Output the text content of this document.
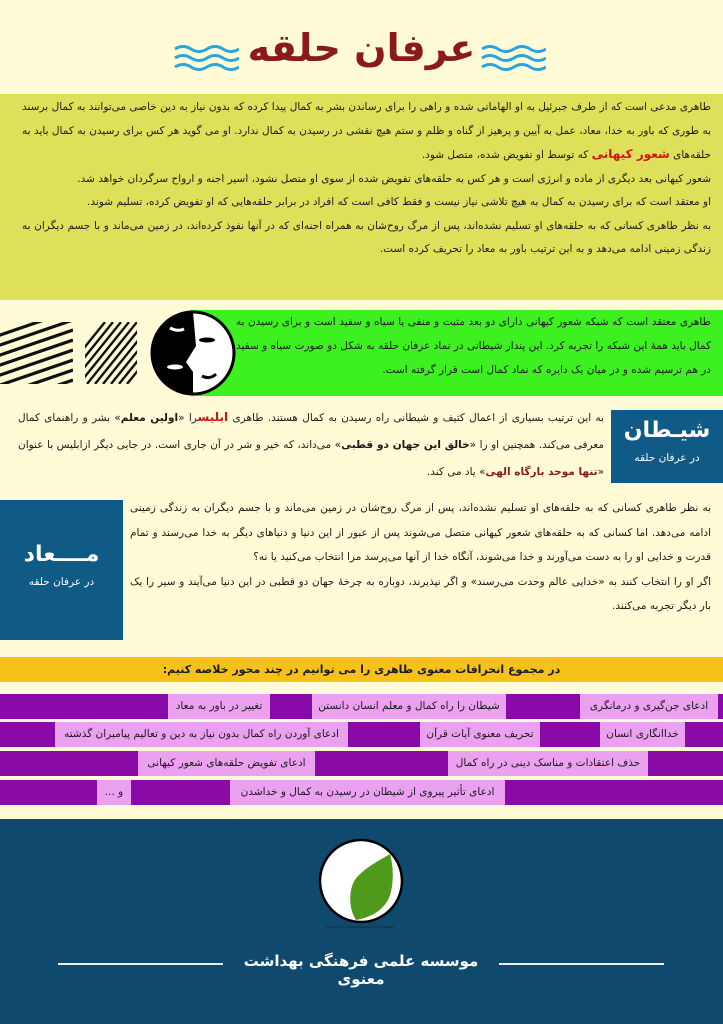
عرفان حلقه
طاهری مدعی است که از طرف جبرئیل به او الهاماتی شده و راهی را برای رساندن بشر به کمال پیدا کرده که بدون نیاز به دین خاصی می‌توانند به کمال برسند به طوری که باور به خدا، معاد، عمل به آیین و پرهیز از گناه و ظلم و ستم هیچ نقشی در رسیدن به کمال ندارد. او می گوید هر کس برای رسیدن به کمال باید به حلقه‌های شعور کیهانی که توسط او تفویض شده، متصل شود.
شعور کیهانی بعد دیگری از ماده و انرژی است و هر کس به حلقه‌های تفویض شده از سوی او متصل نشود، اسیر اجنه و ارواح سرگردان خواهد شد.
او معتقد است که برای رسیدن به کمال به هیچ تلاشی نیاز نیست و فقط کافی است که افراد در برابر حلقه‌هایی که او تفویض کرده، تسلیم شوند.
به نظر طاهری کسانی که به حلقه‌های او تسلیم نشده‌اند، پس از مرگ روح‌شان به همراه اجنه‌ای که در آنها نفوذ کرده‌اند، در زمین می‌ماند و با جسم دیگران به زندگی زمینی ادامه می‌دهد و به این ترتیب باور به معاد را تحریف کرده است.
طاهری معتقد است که شبکه شعور کیهانی دارای دو بعد مثبت و منفی یا سیاه و سفید است و برای رسیدن به کمال باید همهٔ این شبکه را تجربه کرد. این پندار شیطانی در نماد عرفان حلقه به شکل دو صورت سیاه و سفید در هم ترسیم شده و در میان یک دایره که نماد کمال است قرار گرفته است.
به این ترتیب بسیاری از اعمال کثیف و شیطانی راه رسیدن به کمال هستند. طاهری ابلیسرا «اولین معلم» بشر و راهنمای کمال معرفی می‌کند. همچنین او را «خالق این جهان دو قطبی» می‌داند، که خیر و شر در آن جاری است. در جایی دیگر ازابلیس با عنوان «تنها موحد بارگاه الهی» یاد می کند.
شیـطان
در عرفان حلقه
مــــعاد
در عرفان حلقه
به نظر طاهری کسانی که به حلقه‌های او تسلیم نشده‌اند، پس از مرگ روح‌شان در زمین می‌ماند و با جسم دیگران به زندگی زمینی ادامه می‌دهد. اما کسانی که به حلقه‌های شعور کیهانی متصل می‌شوند پس از عبور از این دنیا و دنیاهای دیگر به خدا می‌رسند و تمام قدرت و خدایی او را به دست می‌آورند و خدا می‌شوند، آنگاه خدا از آنها می‌پرسد مرا انتخاب می‌کنید یا نه؟
اگر او را انتخاب کنند به «خدایی عالم وحدت می‌رسند» و اگر نپذیرند، دوباره به چرخهٔ جهان دو قطبی در این دنیا می‌آیند و سیر را یک بار دیگر تجربه می‌کنند.
در مجموع انحرافات معنوی طاهری را می توانیم در چند محور خلاصه کنیم:
ادعای جن‌گیری و درمانگری
شیطان را راه کمال و معلم انسان دانستن
تغییر در باور به معاد
خداانگاری انسان
تحریف معنوی آیات قرآن
ادعای آوردن راه کمال بدون نیاز به دین و تعالیم پیامبران گذشته
حذف اعتقادات و مناسک دینی در راه کمال
ادعای تفویض حلقه‌های شعور کیهانی
ادعای تأثیر پیروی از شیطان در رسیدن به کمال و خداشدن
و ...
Scientific & Cultural Institute Spiritual Health
موسسه علمی فرهنگی بهداشت معنوی
